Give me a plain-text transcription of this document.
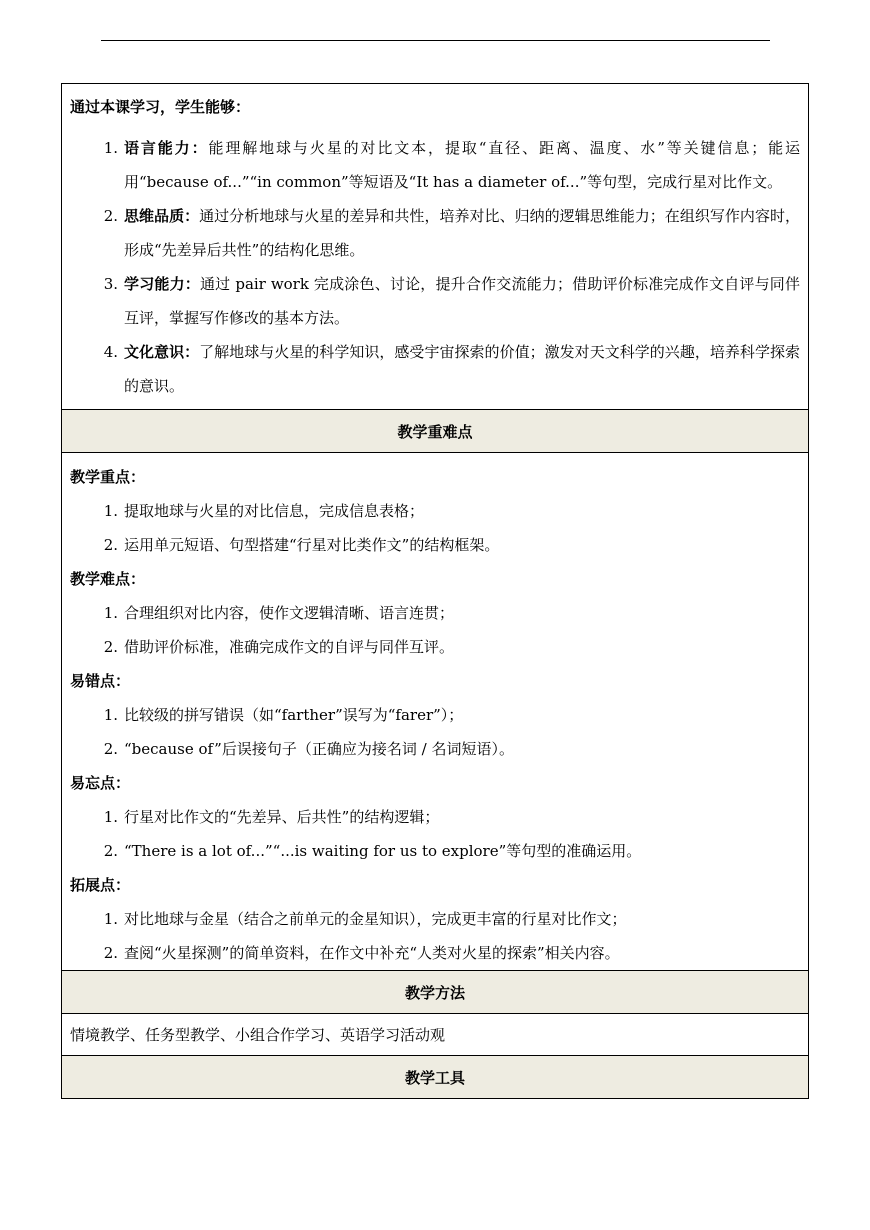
通过本课学习，学生能够：
1. 语言能力：能理解地球与火星的对比文本，提取“直径、距离、温度、水”等关键信息；能运用“because of...”“in common”等短语及“It has a diameter of...”等句型，完成行星对比作文。
2. 思维品质：通过分析地球与火星的差异和共性，培养对比、归纳的逻辑思维能力；在组织写作内容时，形成“先差异后共性”的结构化思维。
3. 学习能力：通过 pair work 完成涂色、讨论，提升合作交流能力；借助评价标准完成作文自评与同伴互评，掌握写作修改的基本方法。
4. 文化意识：了解地球与火星的科学知识，感受宇宙探索的价值；激发对天文科学的兴趣，培养科学探索的意识。
教学重难点
教学重点：
1. 提取地球与火星的对比信息，完成信息表格；
2. 运用单元短语、句型搭建“行星对比类作文”的结构框架。
教学难点：
1. 合理组织对比内容，使作文逻辑清晰、语言连贯；
2. 借助评价标准，准确完成作文的自评与同伴互评。
易错点：
1. 比较级的拼写错误（如“farther”误写为“farer”）；
2. “because of”后误接句子（正确应为接名词 / 名词短语）。
易忘点：
1. 行星对比作文的“先差异、后共性”的结构逻辑；
2. “There is a lot of...”“...is waiting for us to explore”等句型的准确运用。
拓展点：
1. 对比地球与金星（结合之前单元的金星知识），完成更丰富的行星对比作文；
2. 查阅“火星探测”的简单资料，在作文中补充“人类对火星的探索”相关内容。
教学方法
情境教学、任务型教学、小组合作学习、英语学习活动观
教学工具
